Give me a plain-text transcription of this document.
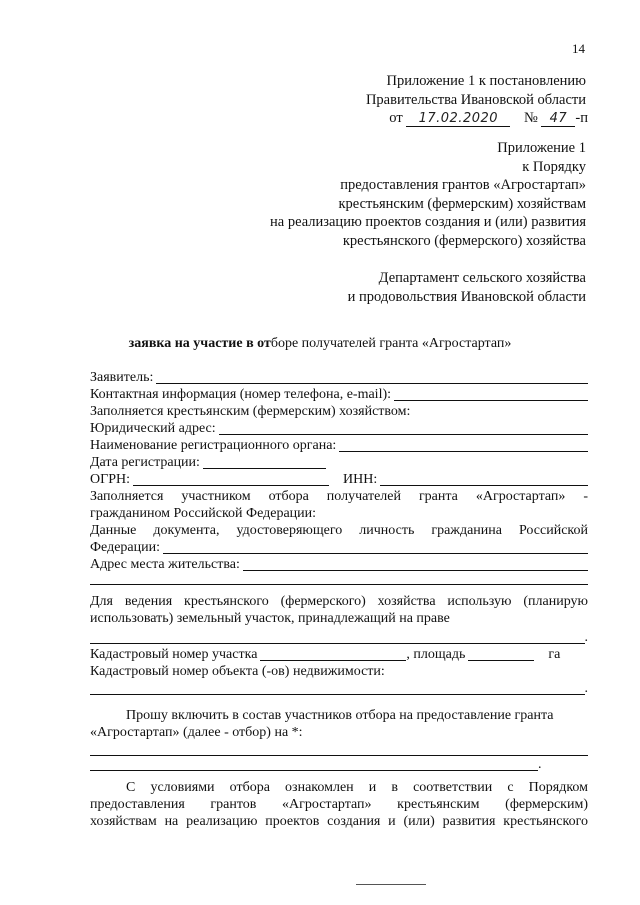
14
Приложение 1 к постановлению
Правительства Ивановской области
от 17.02.2020 № 47 -п
Приложение 1
к Порядку
предоставления грантов «Агростартап»
крестьянским (фермерским) хозяйствам
на реализацию проектов создания и (или) развития
крестьянского (фермерского) хозяйства
Департамент сельского хозяйства
и продовольствия Ивановской области
заявка на участие в отборе получателей гранта «Агростартап»
Заявитель:
Контактная информация (номер телефона, e-mail):
Заполняется крестьянским (фермерским) хозяйством:
Юридический адрес:
Наименование регистрационного органа:
Дата регистрации:
ОГРН:	ИНН:
Заполняется участником отбора получателей гранта «Агростартап» -
гражданином Российской Федерации:
Данные документа, удостоверяющего личность гражданина Российской
Федерации:
Адрес места жительства:
Для ведения крестьянского (фермерского) хозяйства использую (планирую
использовать) земельный участок, принадлежащий на праве
.
Кадастровый номер участка	, площадь	га
Кадастровый номер объекта (-ов) недвижимости:
.
Прошу включить в состав участников отбора на предоставление гранта
«Агростартап» (далее - отбор) на *:
.
С условиями отбора ознакомлен и в соответствии с Порядком
предоставления грантов «Агростартап» крестьянским (фермерским)
хозяйствам на реализацию проектов создания и (или) развития крестьянского
